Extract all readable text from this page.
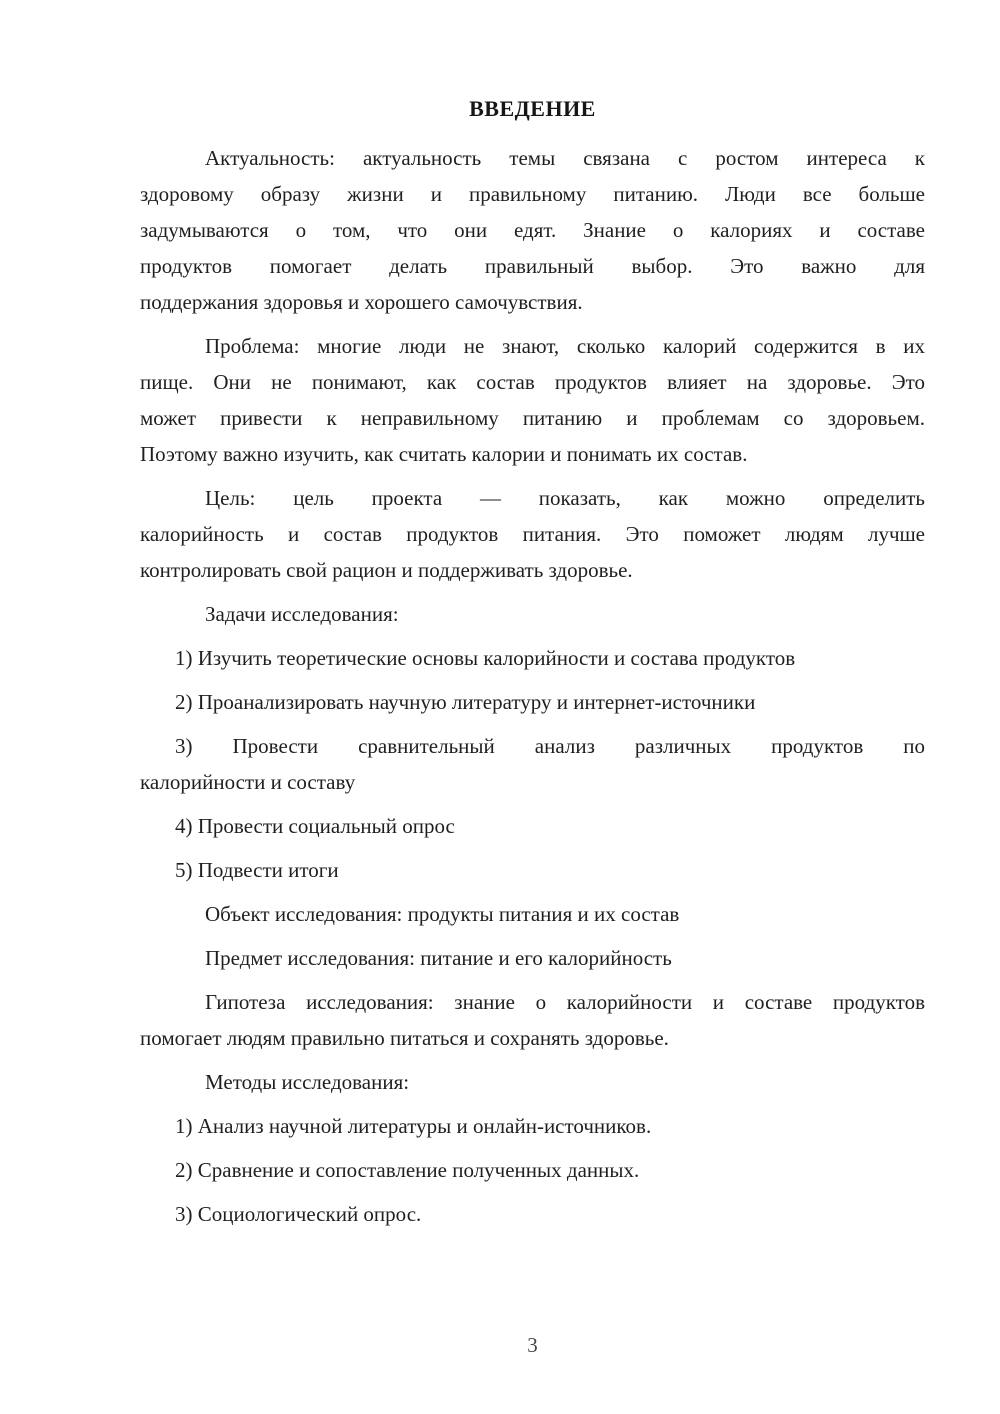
ВВЕДЕНИЕ
Актуальность: актуальность темы связана с ростом интереса к
здоровому образу жизни и правильному питанию. Люди все больше
задумываются о том, что они едят. Знание о калориях и составе
продуктов помогает делать правильный выбор. Это важно для
поддержания здоровья и хорошего самочувствия.
Проблема: многие люди не знают, сколько калорий содержится в их
пище. Они не понимают, как состав продуктов влияет на здоровье. Это
может привести к неправильному питанию и проблемам со здоровьем.
Поэтому важно изучить, как считать калории и понимать их состав.
Цель: цель проекта — показать, как можно определить
калорийность и состав продуктов питания. Это поможет людям лучше
контролировать свой рацион и поддерживать здоровье.
Задачи исследования:
1) Изучить теоретические основы калорийности и состава продуктов
2) Проанализировать научную литературу и интернет-источники
3) Провести сравнительный анализ различных продуктов по
калорийности и составу
4) Провести социальный опрос
5) Подвести итоги
Объект исследования: продукты питания и их состав
Предмет исследования: питание и его калорийность
Гипотеза исследования: знание о калорийности и составе продуктов
помогает людям правильно питаться и сохранять здоровье.
Методы исследования:
1) Анализ научной литературы и онлайн-источников.
2) Сравнение и сопоставление полученных данных.
3) Социологический опрос.
3
